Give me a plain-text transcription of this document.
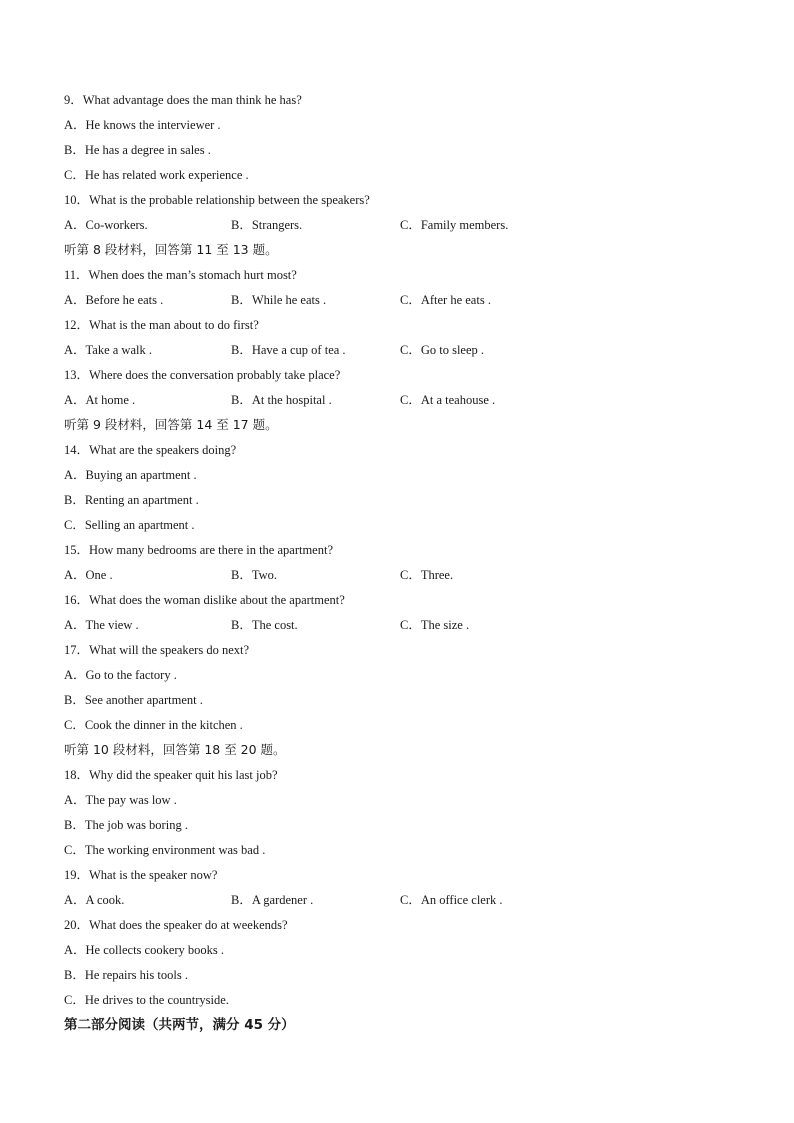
9．What advantage does the man think he has?
A．He knows the interviewer .
B．He has a degree in sales .
C．He has related work experience .
10．What is the probable relationship between the speakers?
A．Co-workers.	B．Strangers.	C．Family members.
听第 8 段材料，回答第 11 至 13 题。
11．When does the man’s stomach hurt most?
A．Before he eats .	B．While he eats .	C．After he eats .
12．What is the man about to do first?
A．Take a walk .	B．Have a cup of tea .	C．Go to sleep .
13．Where does the conversation probably take place?
A．At home .	B．At the hospital .	C．At a teahouse .
听第 9 段材料，回答第 14 至 17 题。
14．What are the speakers doing?
A．Buying an apartment .
B．Renting an apartment .
C．Selling an apartment .
15．How many bedrooms are there in the apartment?
A．One .	B．Two.	C．Three.
16．What does the woman dislike about the apartment?
A．The view .	B．The cost.	C．The size .
17．What will the speakers do next?
A．Go to the factory .
B．See another apartment .
C．Cook the dinner in the kitchen .
听第 10 段材料，回答第 18 至 20 题。
18．Why did the speaker quit his last job?
A．The pay was low .
B．The job was boring .
C．The working environment was bad .
19．What is the speaker now?
A．A cook.	B．A gardener .	C．An office clerk .
20．What does the speaker do at weekends?
A．He collects cookery books .
B．He repairs his tools .
C．He drives to the countryside.
第二部分阅读（共两节，满分 45 分）
